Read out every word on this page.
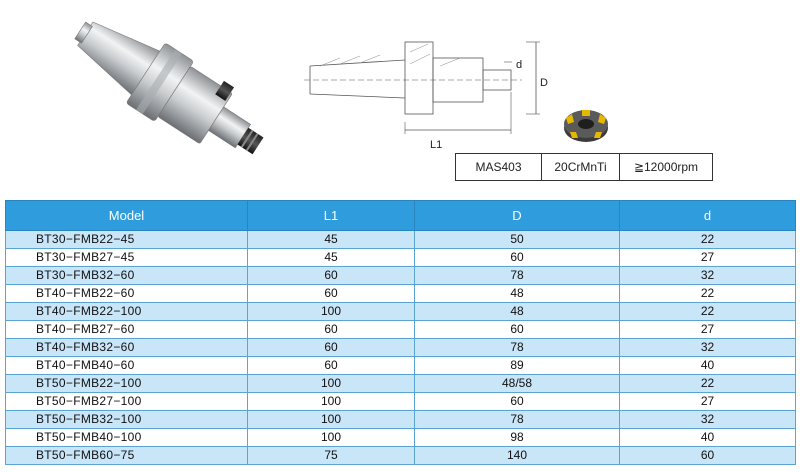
d
D
L1
MAS403	20CrMnTi	≧12000rpm
Model	L1	D	d
BT30−FMB22−45	45	50	22
BT30−FMB27−45	45	60	27
BT30−FMB32−60	60	78	32
BT40−FMB22−60	60	48	22
BT40−FMB22−100	100	48	22
BT40−FMB27−60	60	60	27
BT40−FMB32−60	60	78	32
BT40−FMB40−60	60	89	40
BT50−FMB22−100	100	48/58	22
BT50−FMB27−100	100	60	27
BT50−FMB32−100	100	78	32
BT50−FMB40−100	100	98	40
BT50−FMB60−75	75	140	60
